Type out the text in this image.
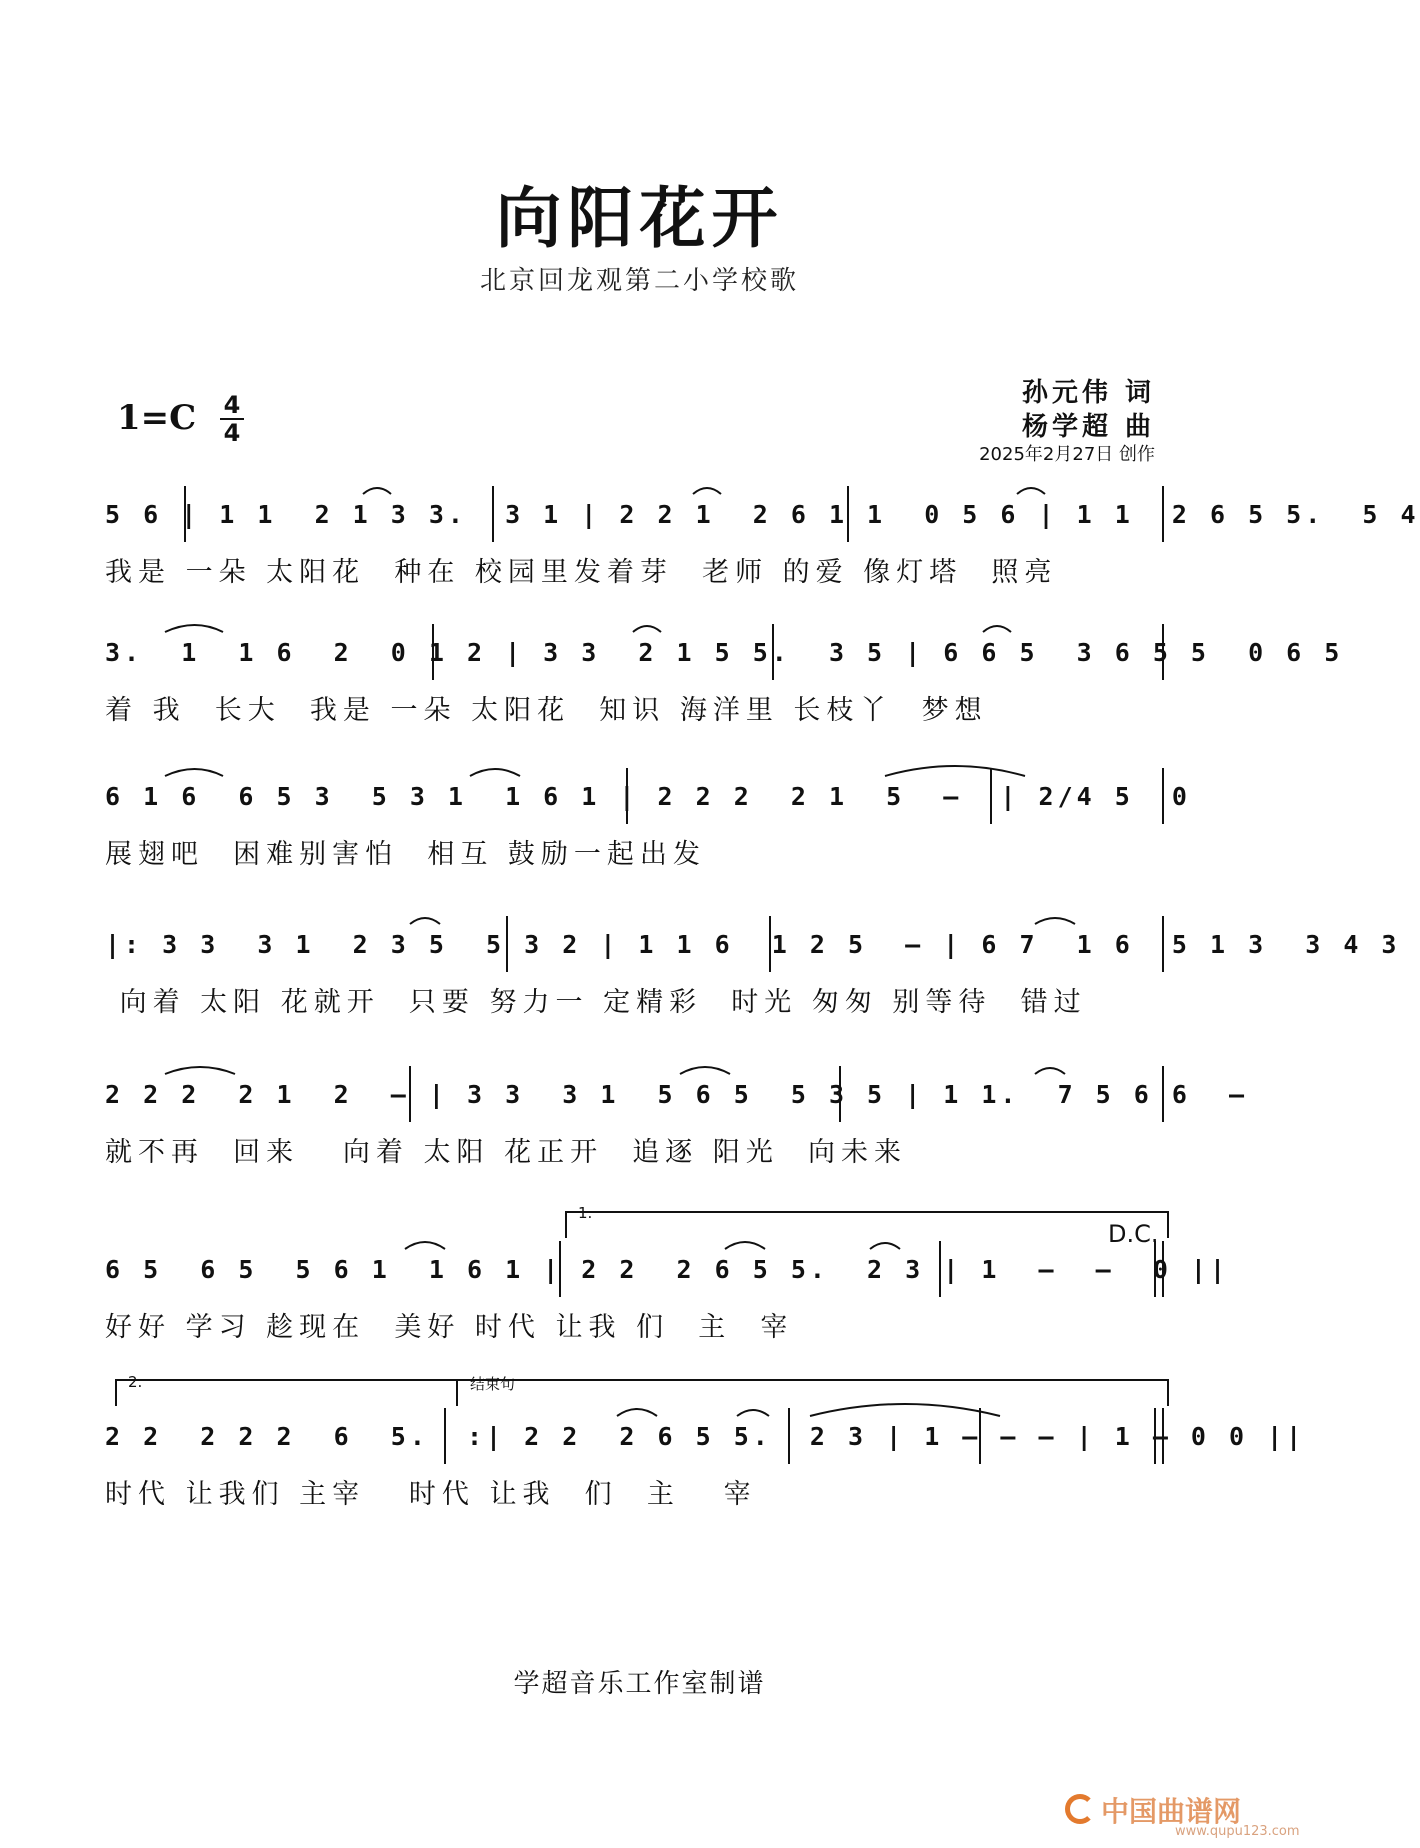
向阳花开
北京回龙观第二小学校歌
1=C 4
4
孙元伟 词
杨学超 曲
2025年2月27日 创作
5 6 | 1 1  2 1 3 3.  3 1 | 2 2 1  2 6 1 1  0 5 6 | 1 1  2 6 5 5.  5 4
我是 一朵 太阳花  种在 校园里发着芽  老师 的爱 像灯塔  照亮
3.  1  1 6  2  0 1 2 | 3 3  2 1 5 5.  3 5 | 6 6 5  3 6 5 5  0 6 5
着 我  长大  我是 一朵 太阳花  知识 海洋里 长枝丫  梦想
6 1 6  6 5 3  5 3 1  1 6 1 | 2 2 2  2 1  5  –  | 2/4 5  0
展翅吧  困难别害怕  相互 鼓励一起出发
|: 3 3  3 1  2 3 5  5 3 2 | 1 1 6  1 2 5  – | 6 7  1 6  5 1 3  3 4 3
向着 太阳 花就开  只要 努力一 定精彩  时光 匆匆 别等待  错过
2 2 2  2 1  2  – | 3 3  3 1  5 6 5  5 3 5 | 1 1.  7 5 6 6  –
就不再  回来   向着 太阳 花正开  追逐 阳光  向未来
1.
D.C.
6 5  6 5  5 6 1  1 6 1 | 2 2  2 6 5 5.  2 3 | 1  –  –  0 ||
好好 学习 趁现在  美好 时代 让我 们  主  宰
2.	结束句
2 2  2 2 2  6  5.  :| 2 2  2 6 5 5.  2 3 | 1 – – – | 1 – 0 0 ||
时代 让我们 主宰   时代 让我  们  主   宰
学超音乐工作室制谱
中国曲谱网
www.qupu123.com
